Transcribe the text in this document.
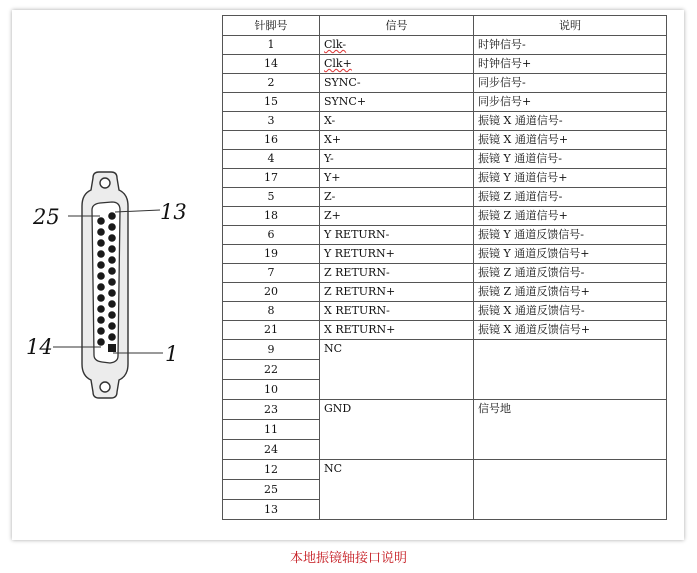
25	13
14	1
针脚号	信号	说明
1	Clk-	时钟信号-
14	Clk+	时钟信号+
2	SYNC-	同步信号-
15	SYNC+	同步信号+
3	X-	振镜 X 通道信号-
16	X+	振镜 X 通道信号+
4	Y-	振镜 Y 通道信号-
17	Y+	振镜 Y 通道信号+
5	Z-	振镜 Z 通道信号-
18	Z+	振镜 Z 通道信号+
6	Y RETURN-	振镜 Y 通道反馈信号-
19	Y RETURN+	振镜 Y 通道反馈信号+
7	Z RETURN-	振镜 Z 通道反馈信号-
20	Z RETURN+	振镜 Z 通道反馈信号+
8	X RETURN-	振镜 X 通道反馈信号-
21	X RETURN+	振镜 X 通道反馈信号+
9	NC	
22		
10		
23	GND	信号地
11		
24		
12	NC	
25		
13		
本地振镜轴接口说明
